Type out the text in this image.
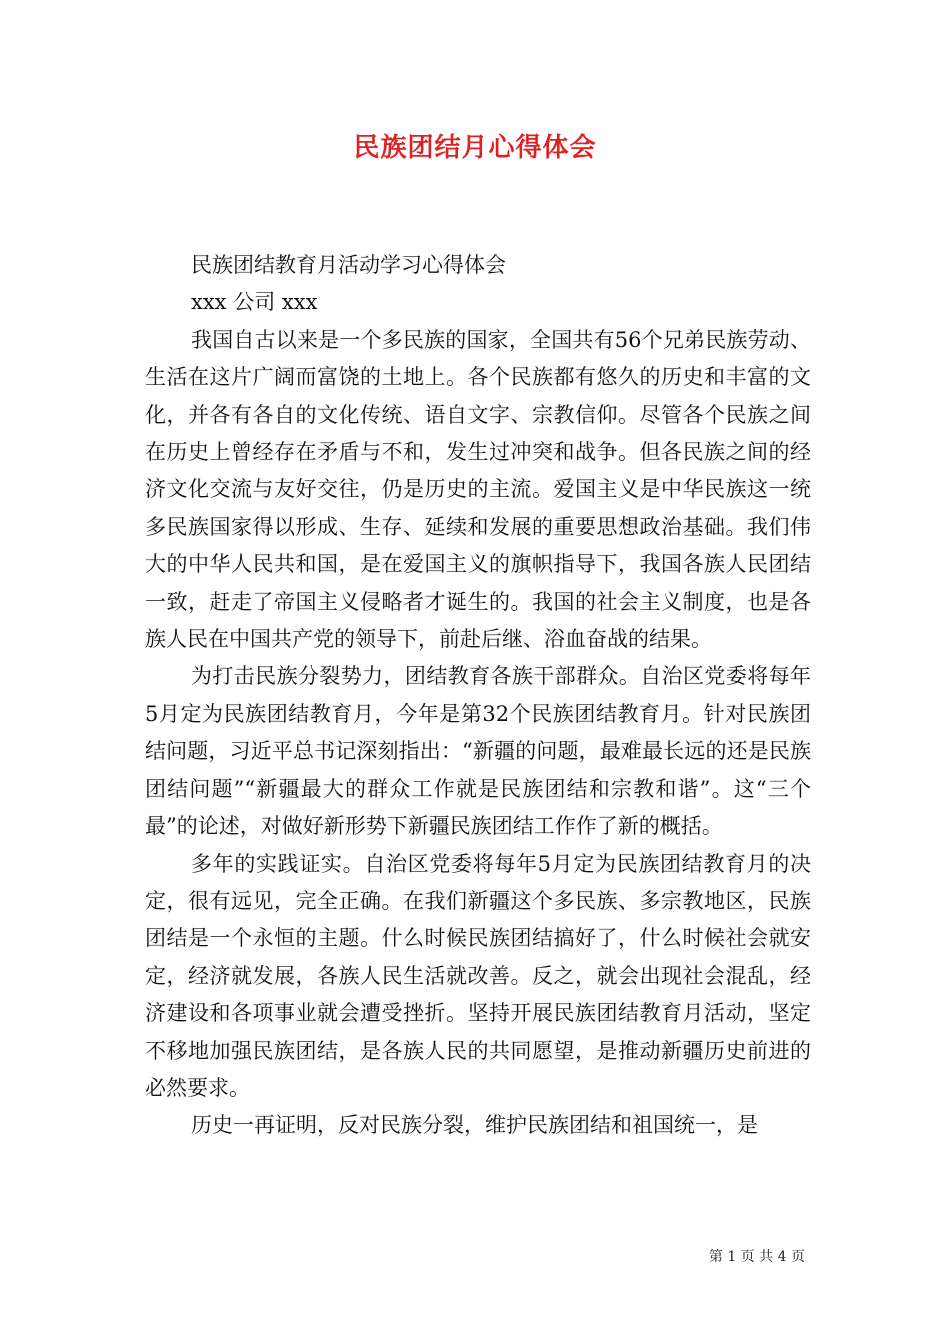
民族团结月心得体会

民族团结教育月活动学习心得体会

xxx 公司 xxx

我国自古以来是一个多民族的国家，全国共有56个兄弟民族劳动、生活在这片广阔而富饶的土地上。各个民族都有悠久的历史和丰富的文化，并各有各自的文化传统、语自文字、宗教信仰。尽管各个民族之间在历史上曾经存在矛盾与不和，发生过冲突和战争。但各民族之间的经济文化交流与友好交往，仍是历史的主流。爱国主义是中华民族这一统多民族国家得以形成、生存、延续和发展的重要思想政治基础。我们伟大的中华人民共和国，是在爱国主义的旗帜指导下，我国各族人民团结一致，赶走了帝国主义侵略者才诞生的。我国的社会主义制度，也是各族人民在中国共产党的领导下，前赴后继、浴血奋战的结果。

为打击民族分裂势力，团结教育各族干部群众。自治区党委将每年5月定为民族团结教育月，今年是第32个民族团结教育月。针对民族团结问题，习近平总书记深刻指出：“新疆的问题，最难最长远的还是民族团结问题”“新疆最大的群众工作就是民族团结和宗教和谐”。这“三个最”的论述，对做好新形势下新疆民族团结工作作了新的概括。

多年的实践证实。自治区党委将每年5月定为民族团结教育月的决定，很有远见，完全正确。在我们新疆这个多民族、多宗教地区，民族团结是一个永恒的主题。什么时候民族团结搞好了，什么时候社会就安定，经济就发展，各族人民生活就改善。反之，就会出现社会混乱，经济建设和各项事业就会遭受挫折。坚持开展民族团结教育月活动，坚定不移地加强民族团结，是各族人民的共同愿望，是推动新疆历史前进的必然要求。

历史一再证明，反对民族分裂，维护民族团结和祖国统一，是

第 1 页 共 4 页
